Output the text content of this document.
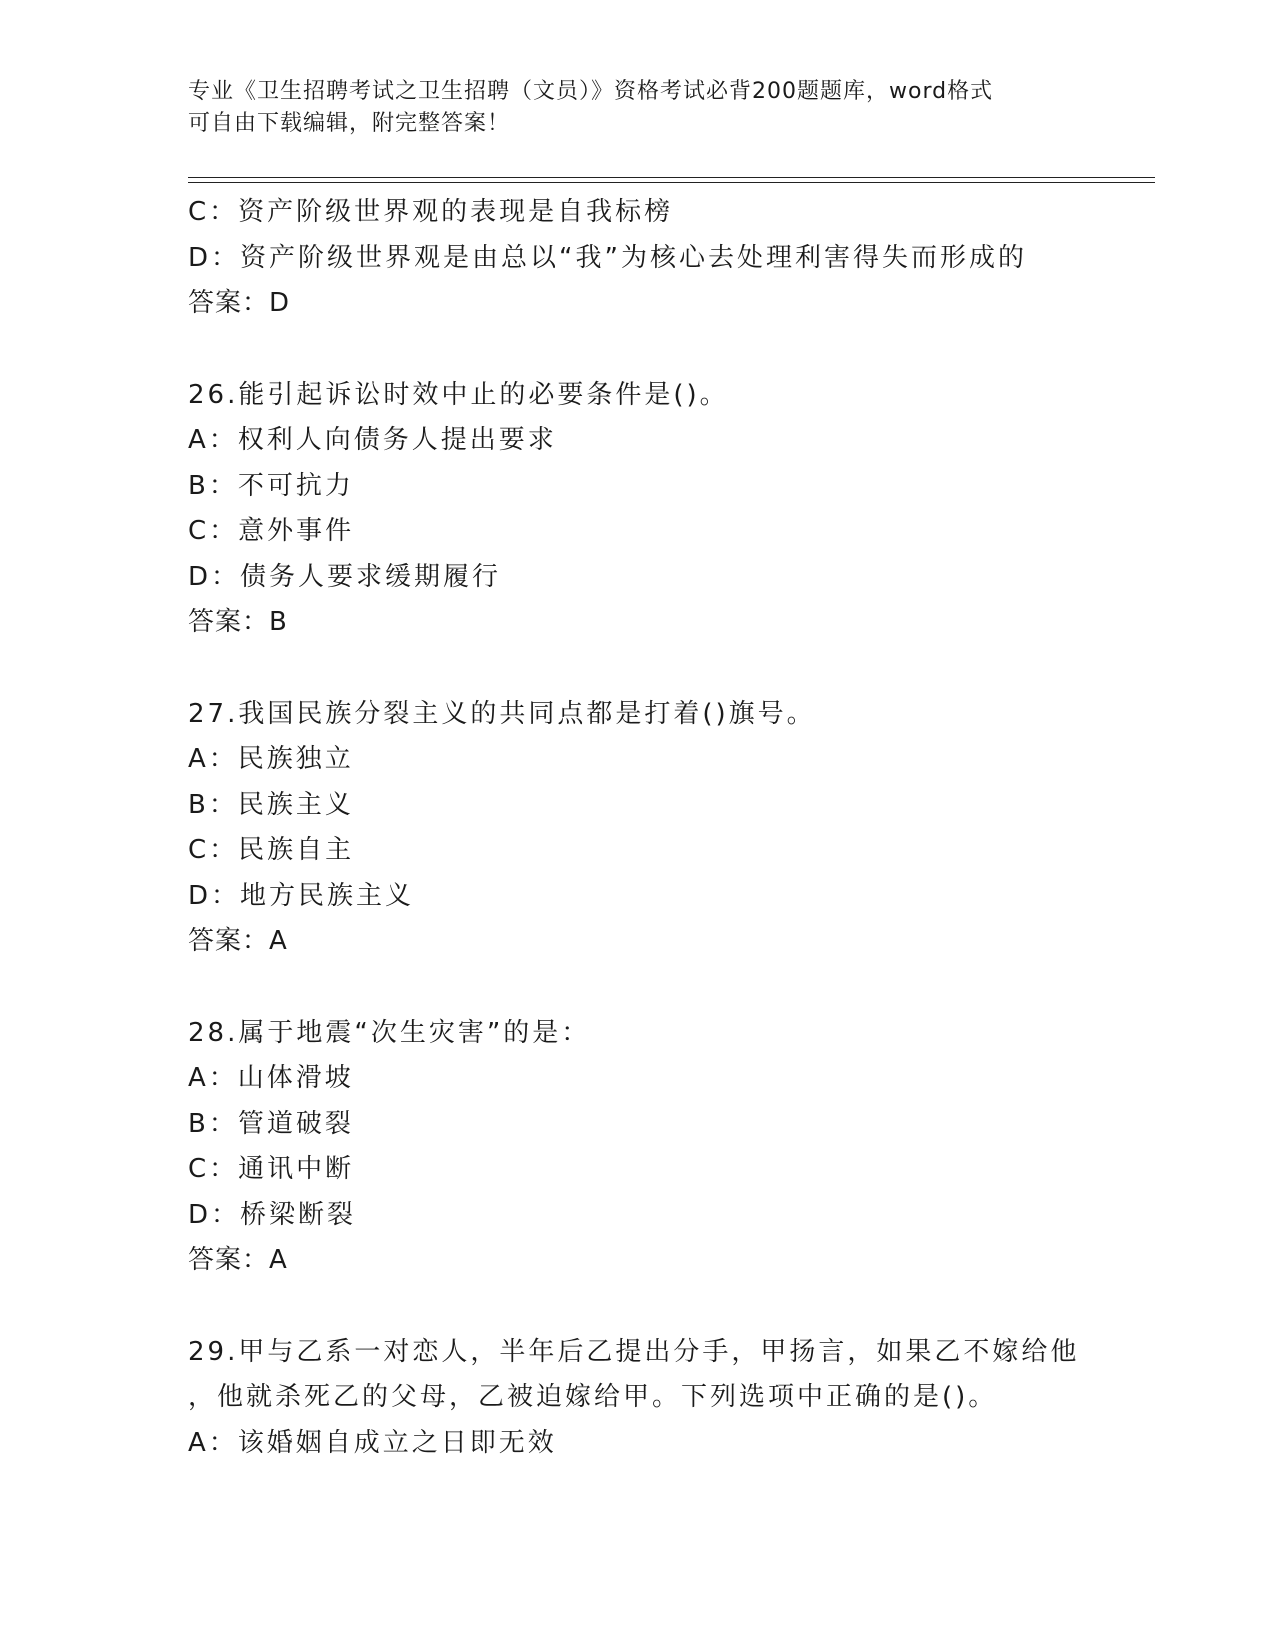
专业《卫生招聘考试之卫生招聘（文员）》资格考试必背200题题库，word格式
可自由下载编辑，附完整答案！
C：资产阶级世界观的表现是自我标榜
D：资产阶级世界观是由总以“我”为核心去处理利害得失而形成的
答案：D
26.能引起诉讼时效中止的必要条件是()。
A：权利人向债务人提出要求
B：不可抗力
C：意外事件
D：债务人要求缓期履行
答案：B
27.我国民族分裂主义的共同点都是打着()旗号。
A：民族独立
B：民族主义
C：民族自主
D：地方民族主义
答案：A
28.属于地震“次生灾害”的是：
A：山体滑坡
B：管道破裂
C：通讯中断
D：桥梁断裂
答案：A
29.甲与乙系一对恋人，半年后乙提出分手，甲扬言，如果乙不嫁给他
，他就杀死乙的父母，乙被迫嫁给甲。下列选项中正确的是()。
A：该婚姻自成立之日即无效
